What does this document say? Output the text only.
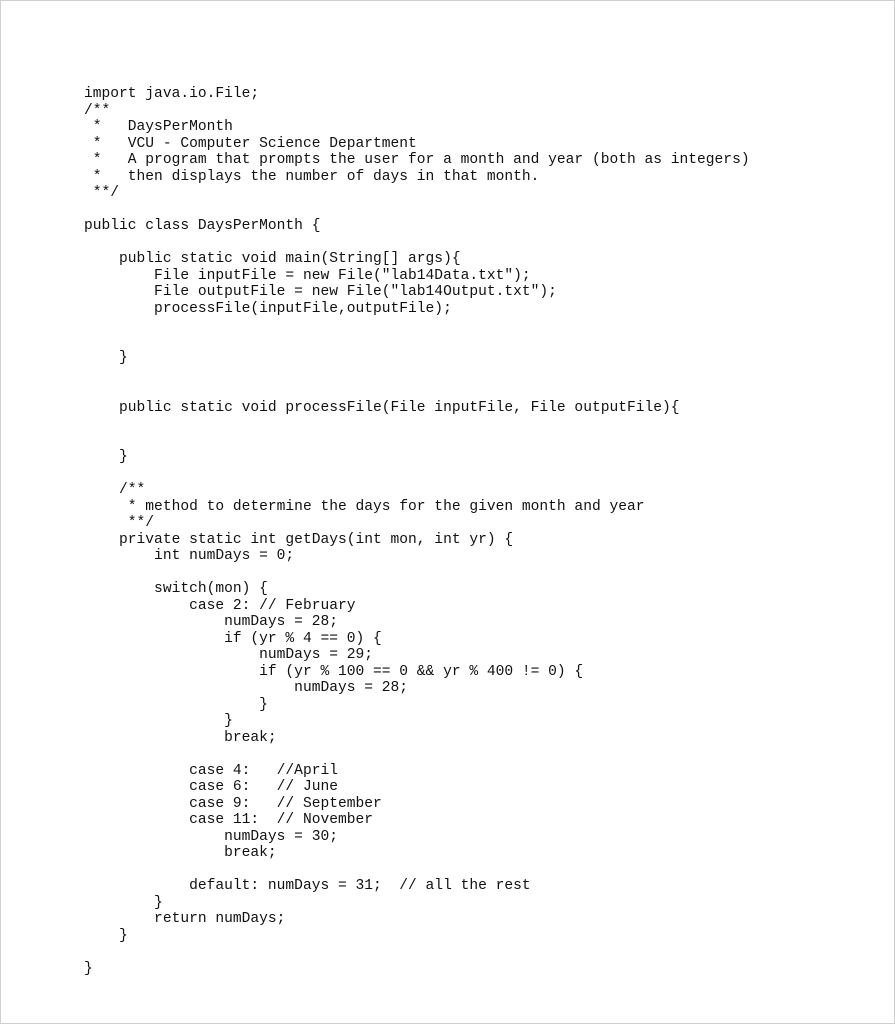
import java.io.File;
/**
*   DaysPerMonth
*   VCU - Computer Science Department
*   A program that prompts the user for a month and year (both as integers)
*   then displays the number of days in that month.
**/
public class DaysPerMonth {
public static void main(String[] args){
File inputFile = new File("lab14Data.txt");
File outputFile = new File("lab14Output.txt");
processFile(inputFile,outputFile);
}
public static void processFile(File inputFile, File outputFile){
}
/**
* method to determine the days for the given month and year
**/
private static int getDays(int mon, int yr) {
int numDays = 0;
switch(mon) {
case 2: // February
numDays = 28;
if (yr % 4 == 0) {
numDays = 29;
if (yr % 100 == 0 && yr % 400 != 0) {
numDays = 28;
}
}
break;
case 4:   //April
case 6:   // June
case 9:   // September
case 11:  // November
numDays = 30;
break;
default: numDays = 31;  // all the rest
}
return numDays;
}
}
